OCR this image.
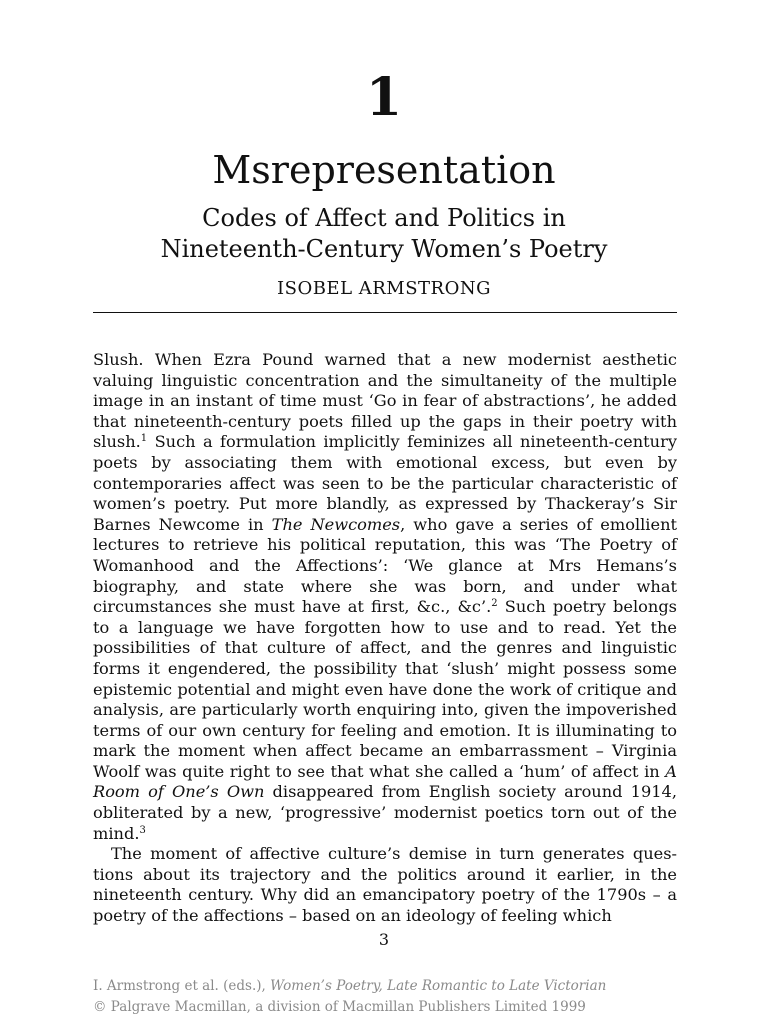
1
Msrepresentation
Codes of Affect and Politics in
Nineteenth-Century Women’s Poetry
ISOBEL ARMSTRONG

Slush. When Ezra Pound warned that a new modernist aesthetic valuing linguistic concentration and the simultaneity of the multiple image in an instant of time must ‘Go in fear of abstractions’, he added that nineteenth-century poets filled up the gaps in their poetry with slush.$^1$ Such a formulation implicitly feminizes all nineteenth-century poets by associating them with emotional excess, but even by contemporaries affect was seen to be the particular characteristic of women’s poetry. Put more blandly, as expressed by Thackeray’s Sir Barnes Newcome in The Newcomes, who gave a series of emollient lectures to retrieve his political reputation, this was ‘The Poetry of Womanhood and the Affections’: ‘We glance at Mrs Hemans’s biography, and state where she was born, and under what circumstances she must have at first, &c., &c’.$^2$ Such poetry belongs to a language we have forgotten how to use and to read. Yet the possibilities of that culture of affect, and the genres and linguistic forms it engendered, the possibility that ‘slush’ might possess some epistemic potential and might even have done the work of critique and analysis, are particularly worth enquiring into, given the impoverished terms of our own century for feeling and emotion. It is illuminating to mark the moment when affect became an embarrassment – Virginia Woolf was quite right to see that what she called a ‘hum’ of affect in A Room of One’s Own disappeared from English society around 1914, obliterated by a new, ‘progressive’ modernist poetics torn out of the mind.$^3$

The moment of affective culture’s demise in turn generates questions about its trajectory and the politics around it earlier, in the nineteenth century. Why did an emancipatory poetry of the 1790s – a poetry of the affections – based on an ideology of feeling which

3
I. Armstrong et al. (eds.), Women’s Poetry, Late Romantic to Late Victorian
© Palgrave Macmillan, a division of Macmillan Publishers Limited 1999
